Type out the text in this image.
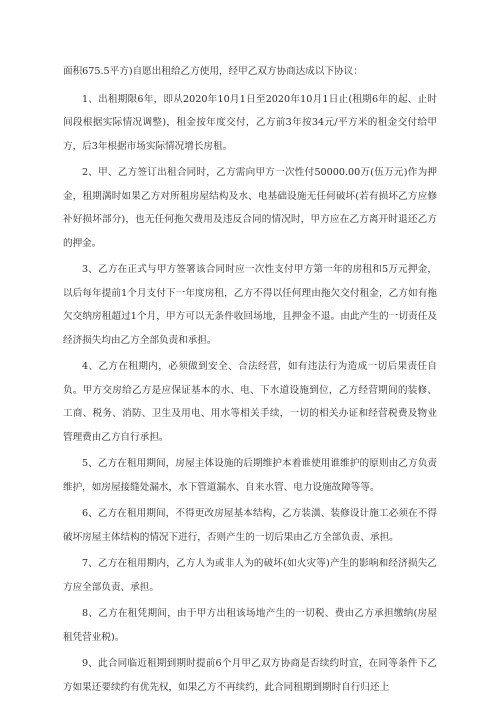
面积675.5平方)自愿出租给乙方使用，经甲乙双方协商达成以下协议：

1、出租期限6年，即从2020年10月1日至2020年10月1日止(租期6年的起、止时间段根据实际情况调整)，租金按年度交付，乙方前3年按34元/平方米的租金交付给甲方，后3年根据市场实际情况增长房租。

2、甲、乙方签订出租合同时，乙方需向甲方一次性付50000.00万(伍万元)作为押金，租期满时如果乙方对所租房屋结构及水、电基础设施无任何破坏(若有损坏乙方应修补好损坏部分)，也无任何拖欠费用及违反合同的情况时，甲方应在乙方离开时退还乙方的押金。

3、乙方在正式与甲方签署该合同时应一次性支付甲方第一年的房租和5万元押金，以后每年提前1个月支付下一年度房租，乙方不得以任何理由拖欠交付租金，乙方如有拖欠交纳房租超过1个月，甲方可以无条件收回场地，且押金不退。由此产生的一切责任及经济损失均由乙方全部负责和承担。

4、乙方在租期内，必须做到安全、合法经营，如有违法行为造成一切后果责任自负。甲方交房给乙方是应保证基本的水、电、下水道设施到位，乙方经营期间的装修、工商、税务、消防、卫生及用电、用水等相关手续，一切的相关办证和经营税费及物业管理费由乙方自行承担。

5、乙方在租用期间，房屋主体设施的后期维护本着谁使用谁维护的原则由乙方负责维护，如房屋接缝处漏水，水下管道漏水、自来水管、电力设施故障等等。

6、乙方在租用期间，不得更改房屋基本结构，乙方装潢、装修设计施工必须在不得破坏房屋主体结构的情况下进行，否则产生的一切后果由乙方全部负责、承担。

7、乙方在租用期内，乙方人为或非人为的破坏(如火灾等)产生的影响和经济损失乙方应全部负责、承担。

8、乙方在租凭期间，由于甲方出租该场地产生的一切税、费由乙方承担缴纳(房屋租凭营业税)。

9、此合同临近租期到期时提前6个月甲乙双方协商是否续约时宜，在同等条件下乙方如果还要续约有优先权，如果乙方不再续约，此合同租期到期时自行归还上
